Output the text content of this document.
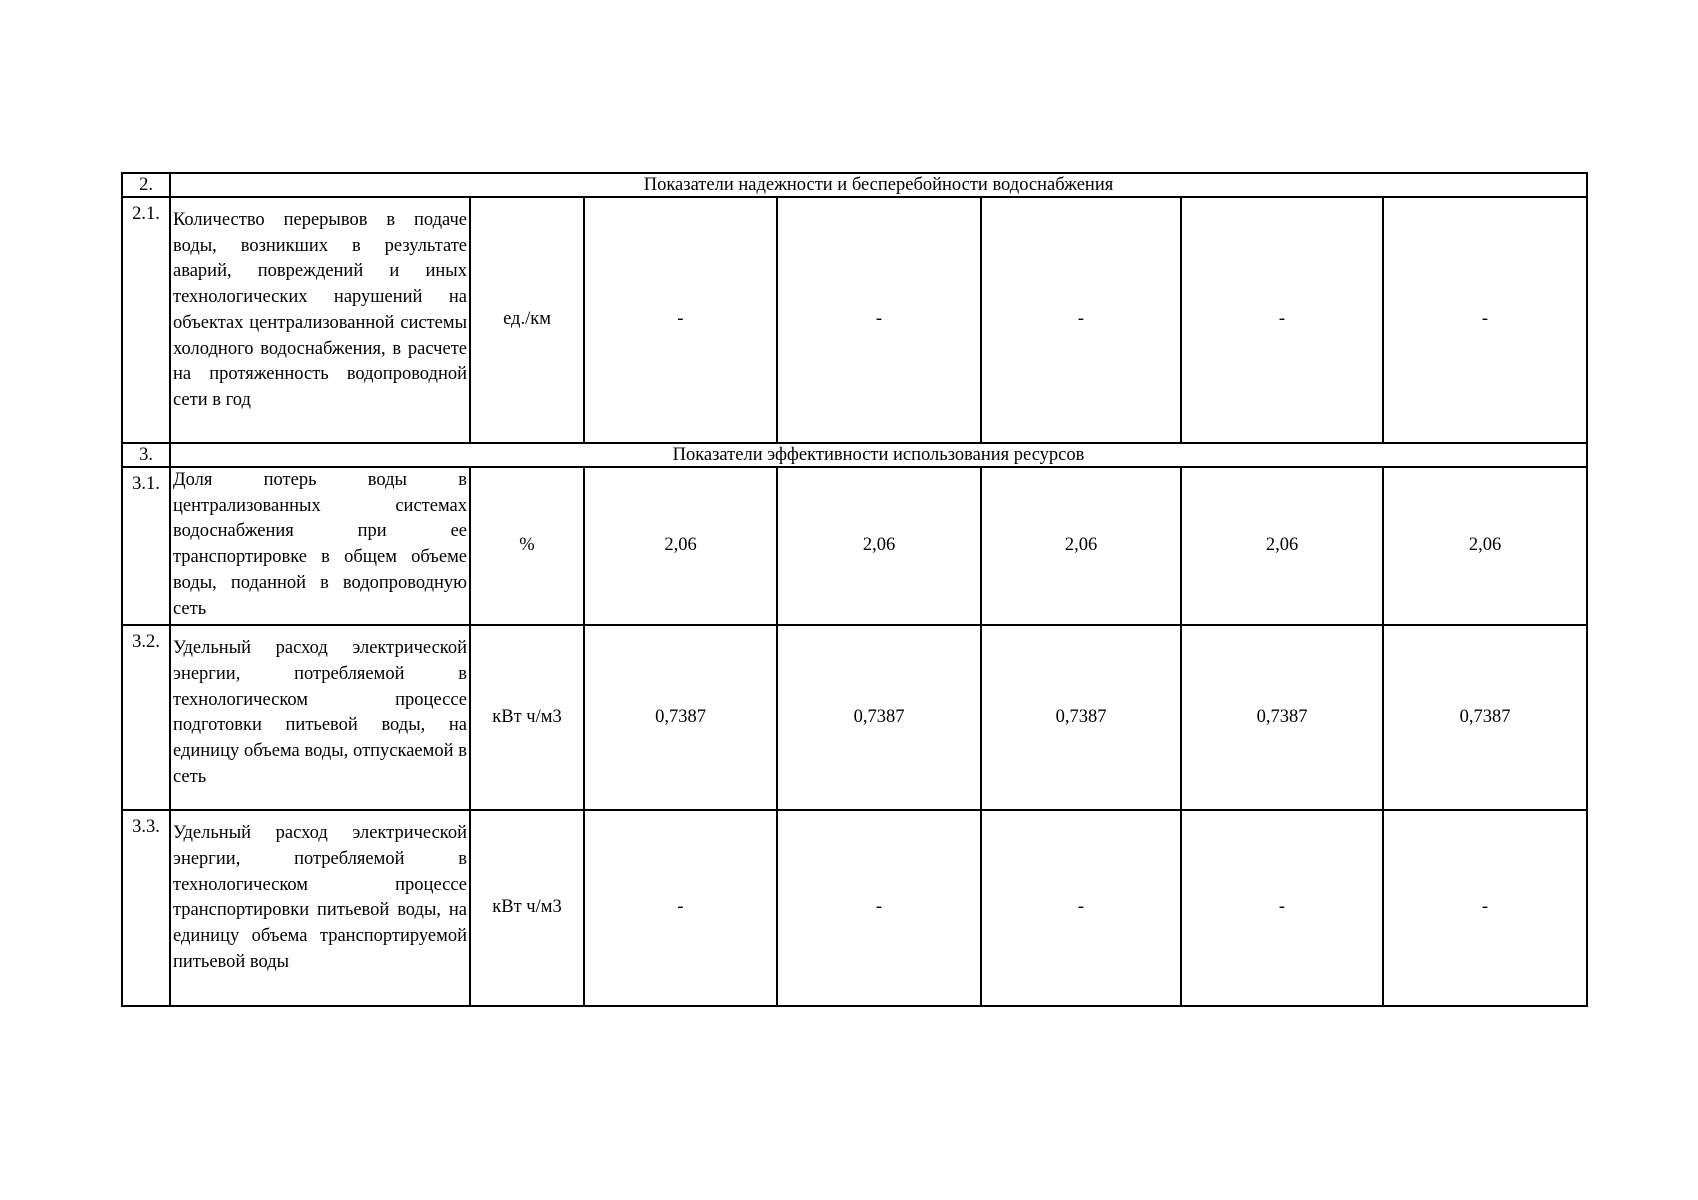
2.	Показатели надежности и бесперебойности водоснабжения						
2.1.	Количество перерывов в подаче воды, возникших в результате аварий, повреждений и иных технологических нарушений на объектах централизованной системы холодного водоснабжения, в расчете на протяженность водопроводной сети в год	ед./км	-	-	-	-	-
3.	Показатели эффективности использования ресурсов						
3.1.	Доля потерь воды в централизованных системах водоснабжения при ее транспортировке в общем объеме воды, поданной в водопроводную сеть	%	2,06	2,06	2,06	2,06	2,06
3.2.	Удельный расход электрической энергии, потребляемой в технологическом процессе подготовки питьевой воды, на единицу объема воды, отпускаемой в сеть	кВт ч/м3	0,7387	0,7387	0,7387	0,7387	0,7387
3.3.	Удельный расход электрической энергии, потребляемой в технологическом процессе транспортировки питьевой воды, на единицу объема транспортируемой питьевой воды	кВт ч/м3	-	-	-	-	-
